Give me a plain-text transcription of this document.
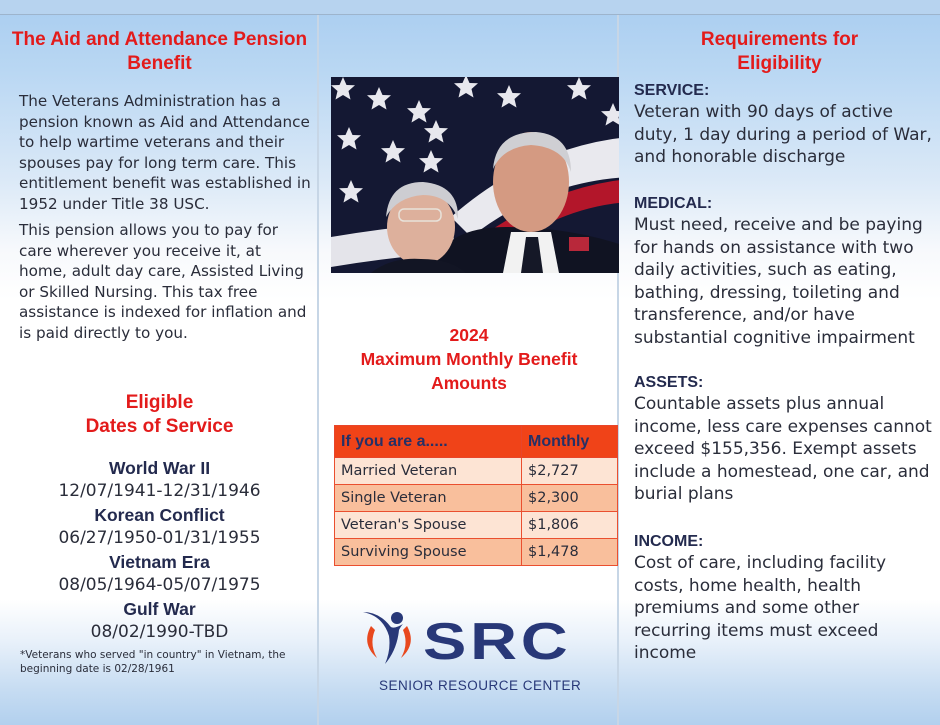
The Aid and Attendance Pension Benefit

The Veterans Administration has a pension known as Aid and Attendance to help wartime veterans and their spouses pay for long term care. This entitlement benefit was established in 1952 under Title 38 USC.

This pension allows you to pay for care wherever you receive it, at home, adult day care, Assisted Living or Skilled Nursing. This tax free assistance is indexed for inflation and is paid directly to you.

Eligible
Dates of Service
World War II
12/07/1941-12/31/1946
Korean Conflict
06/27/1950-01/31/1955
Vietnam Era
08/05/1964-05/07/1975
Gulf War
08/02/1990-TBD

*Veterans who served "in country" in Vietnam, the beginning date is 02/28/1961

2024
Maximum Monthly Benefit
Amounts
If you are a.....	Monthly
Married Veteran	$2,727
Single Veteran	$2,300
Veteran's Spouse	$1,806
Surviving Spouse	$1,478
SRC
SENIOR RESOURCE CENTER
Requirements for
Eligibility
SERVICE:
Veteran with 90 days of active duty, 1 day during a period of War, and honorable discharge
MEDICAL:
Must need, receive and be paying for hands on assistance with two daily activities, such as eating, bathing, dressing, toileting and transference, and/or have substantial cognitive impairment
ASSETS:
Countable assets plus annual income, less care expenses cannot exceed $155,356. Exempt assets include a homestead, one car, and burial plans
INCOME:
Cost of care, including facility costs, home health, health premiums and some other recurring items must exceed income
